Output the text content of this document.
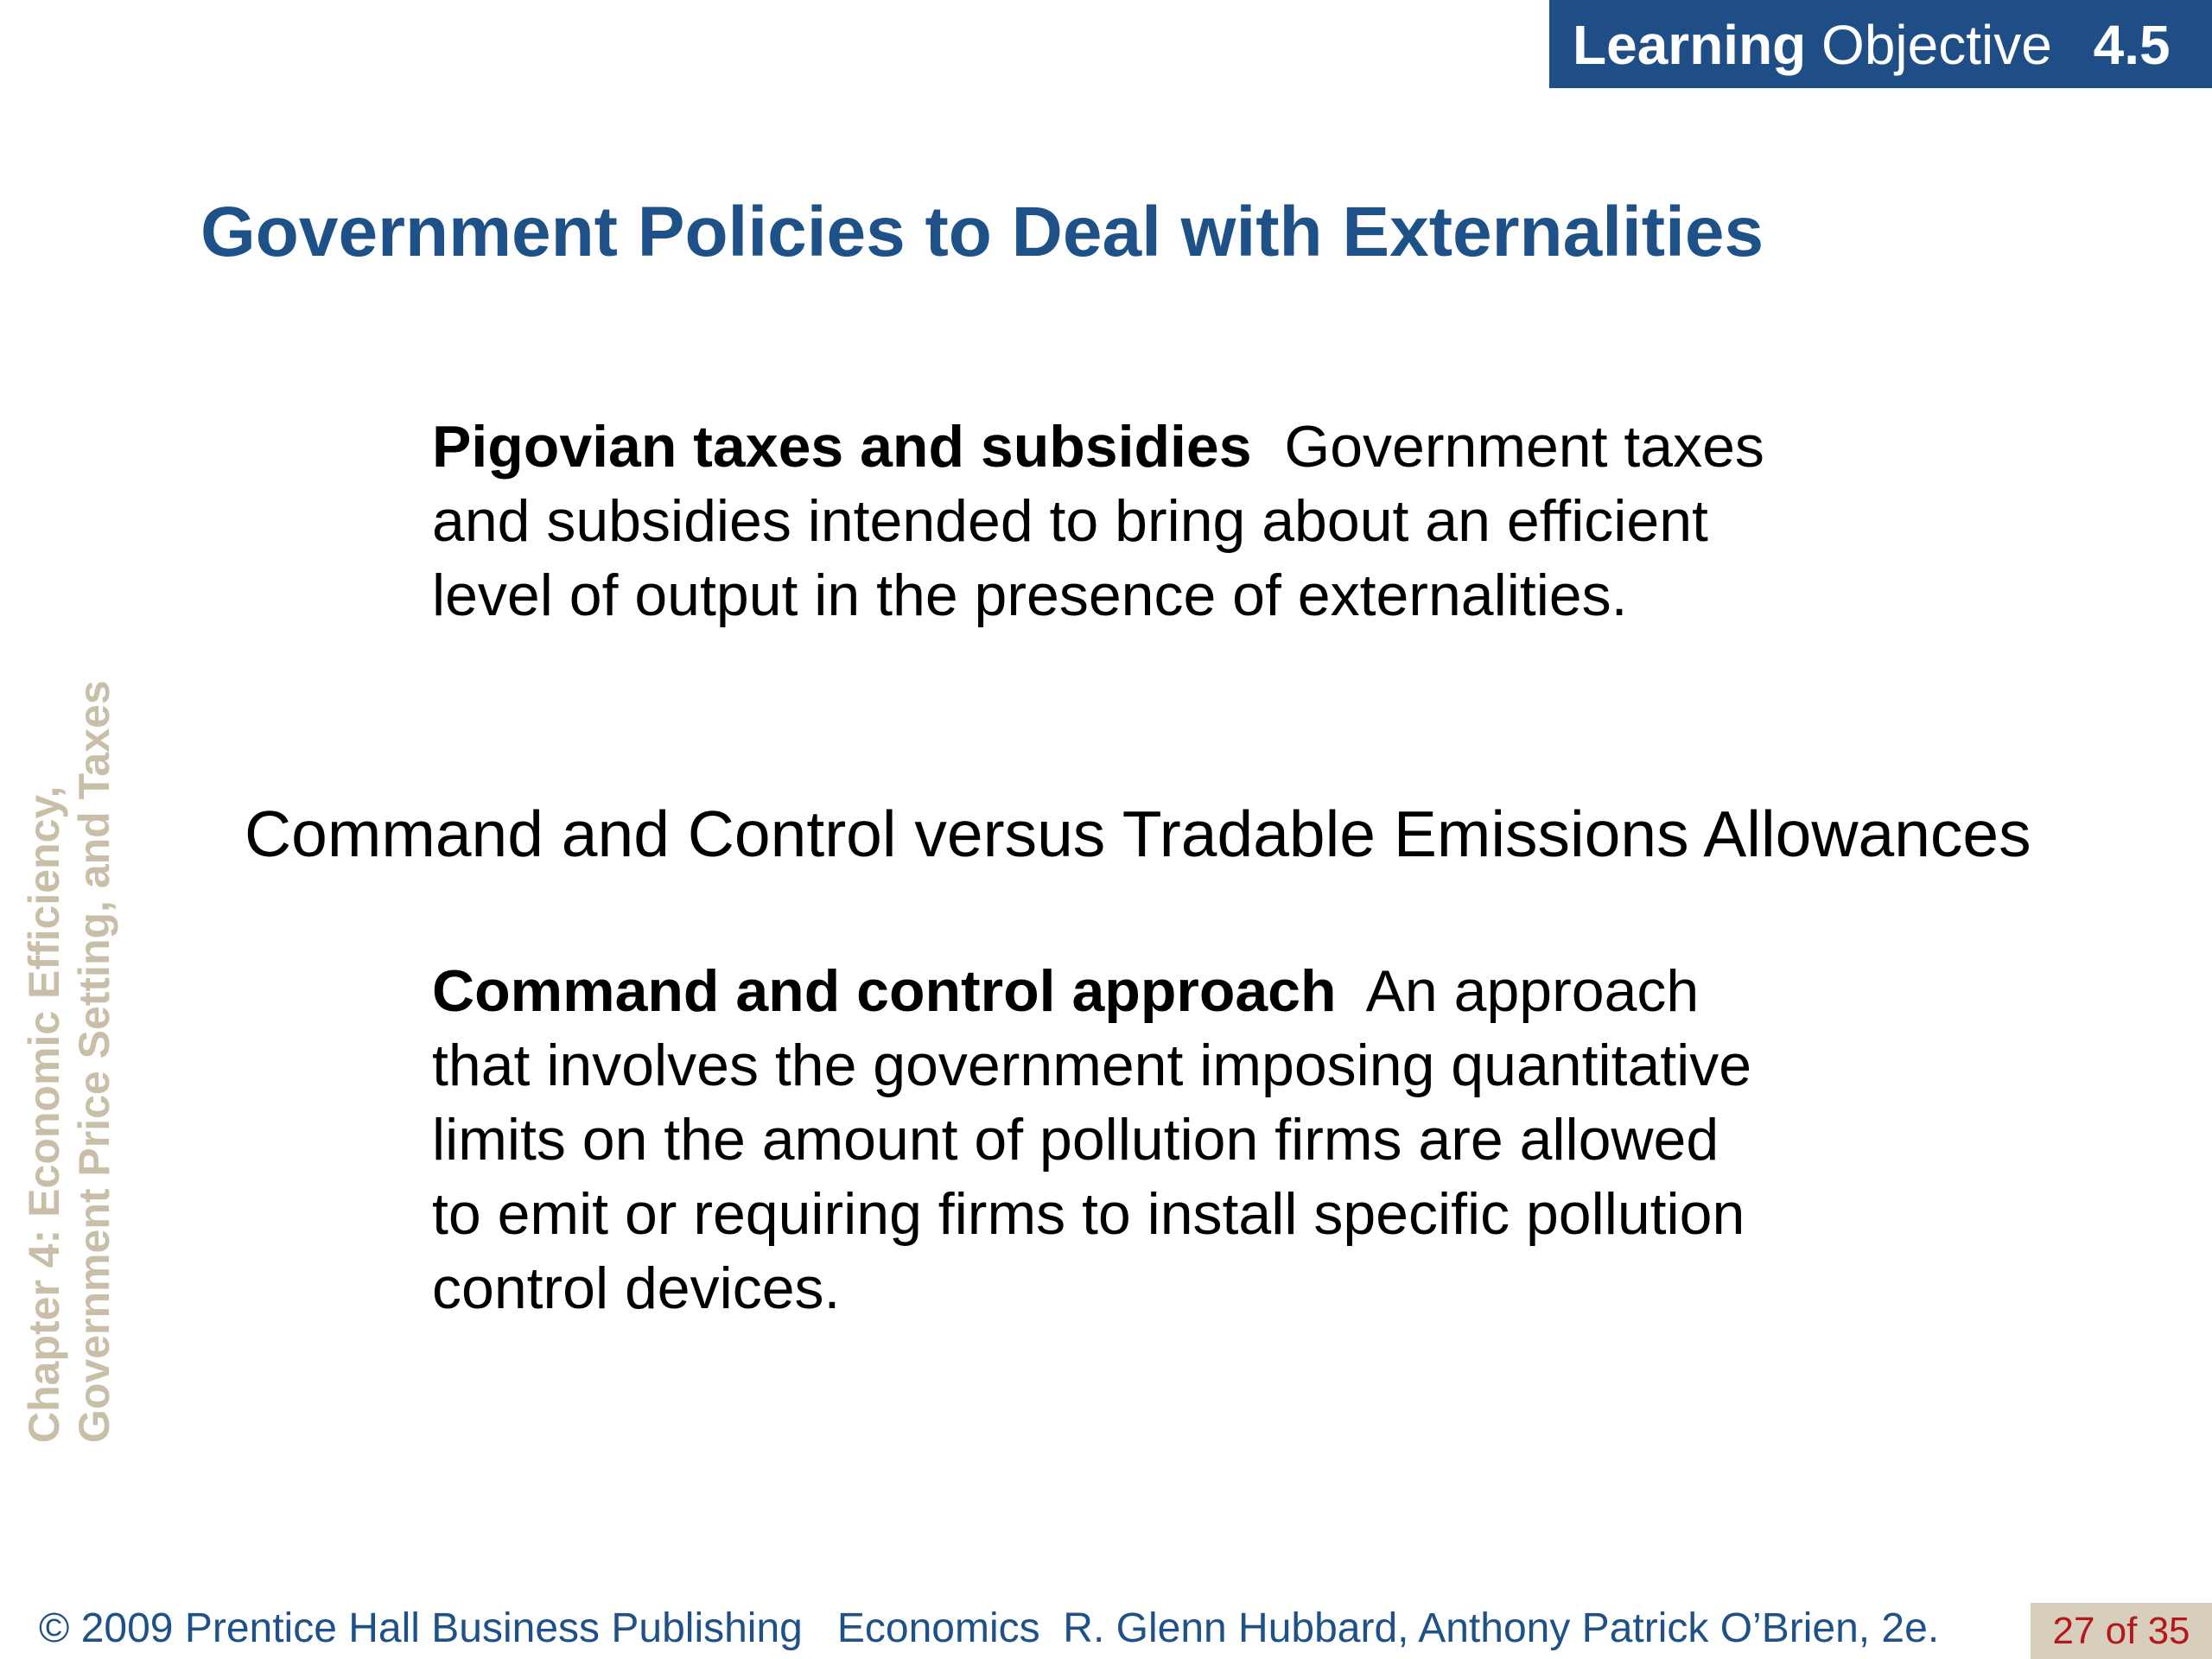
Learning Objective 4.5
Government Policies to Deal with Externalities

Pigovian taxes and subsidies Government taxes and subsidies intended to bring about an efficient level of output in the presence of externalities.

Command and Control versus Tradable Emissions Allowances

Command and control approach An approach that involves the government imposing quantitative limits on the amount of pollution firms are allowed to emit or requiring firms to install specific pollution control devices.

Chapter 4: Economic Efficiency, Government Price Setting, and Taxes
© 2009 Prentice Hall Business Publishing Economics R. Glenn Hubbard, Anthony Patrick O’Brien, 2e.	27 of 35
